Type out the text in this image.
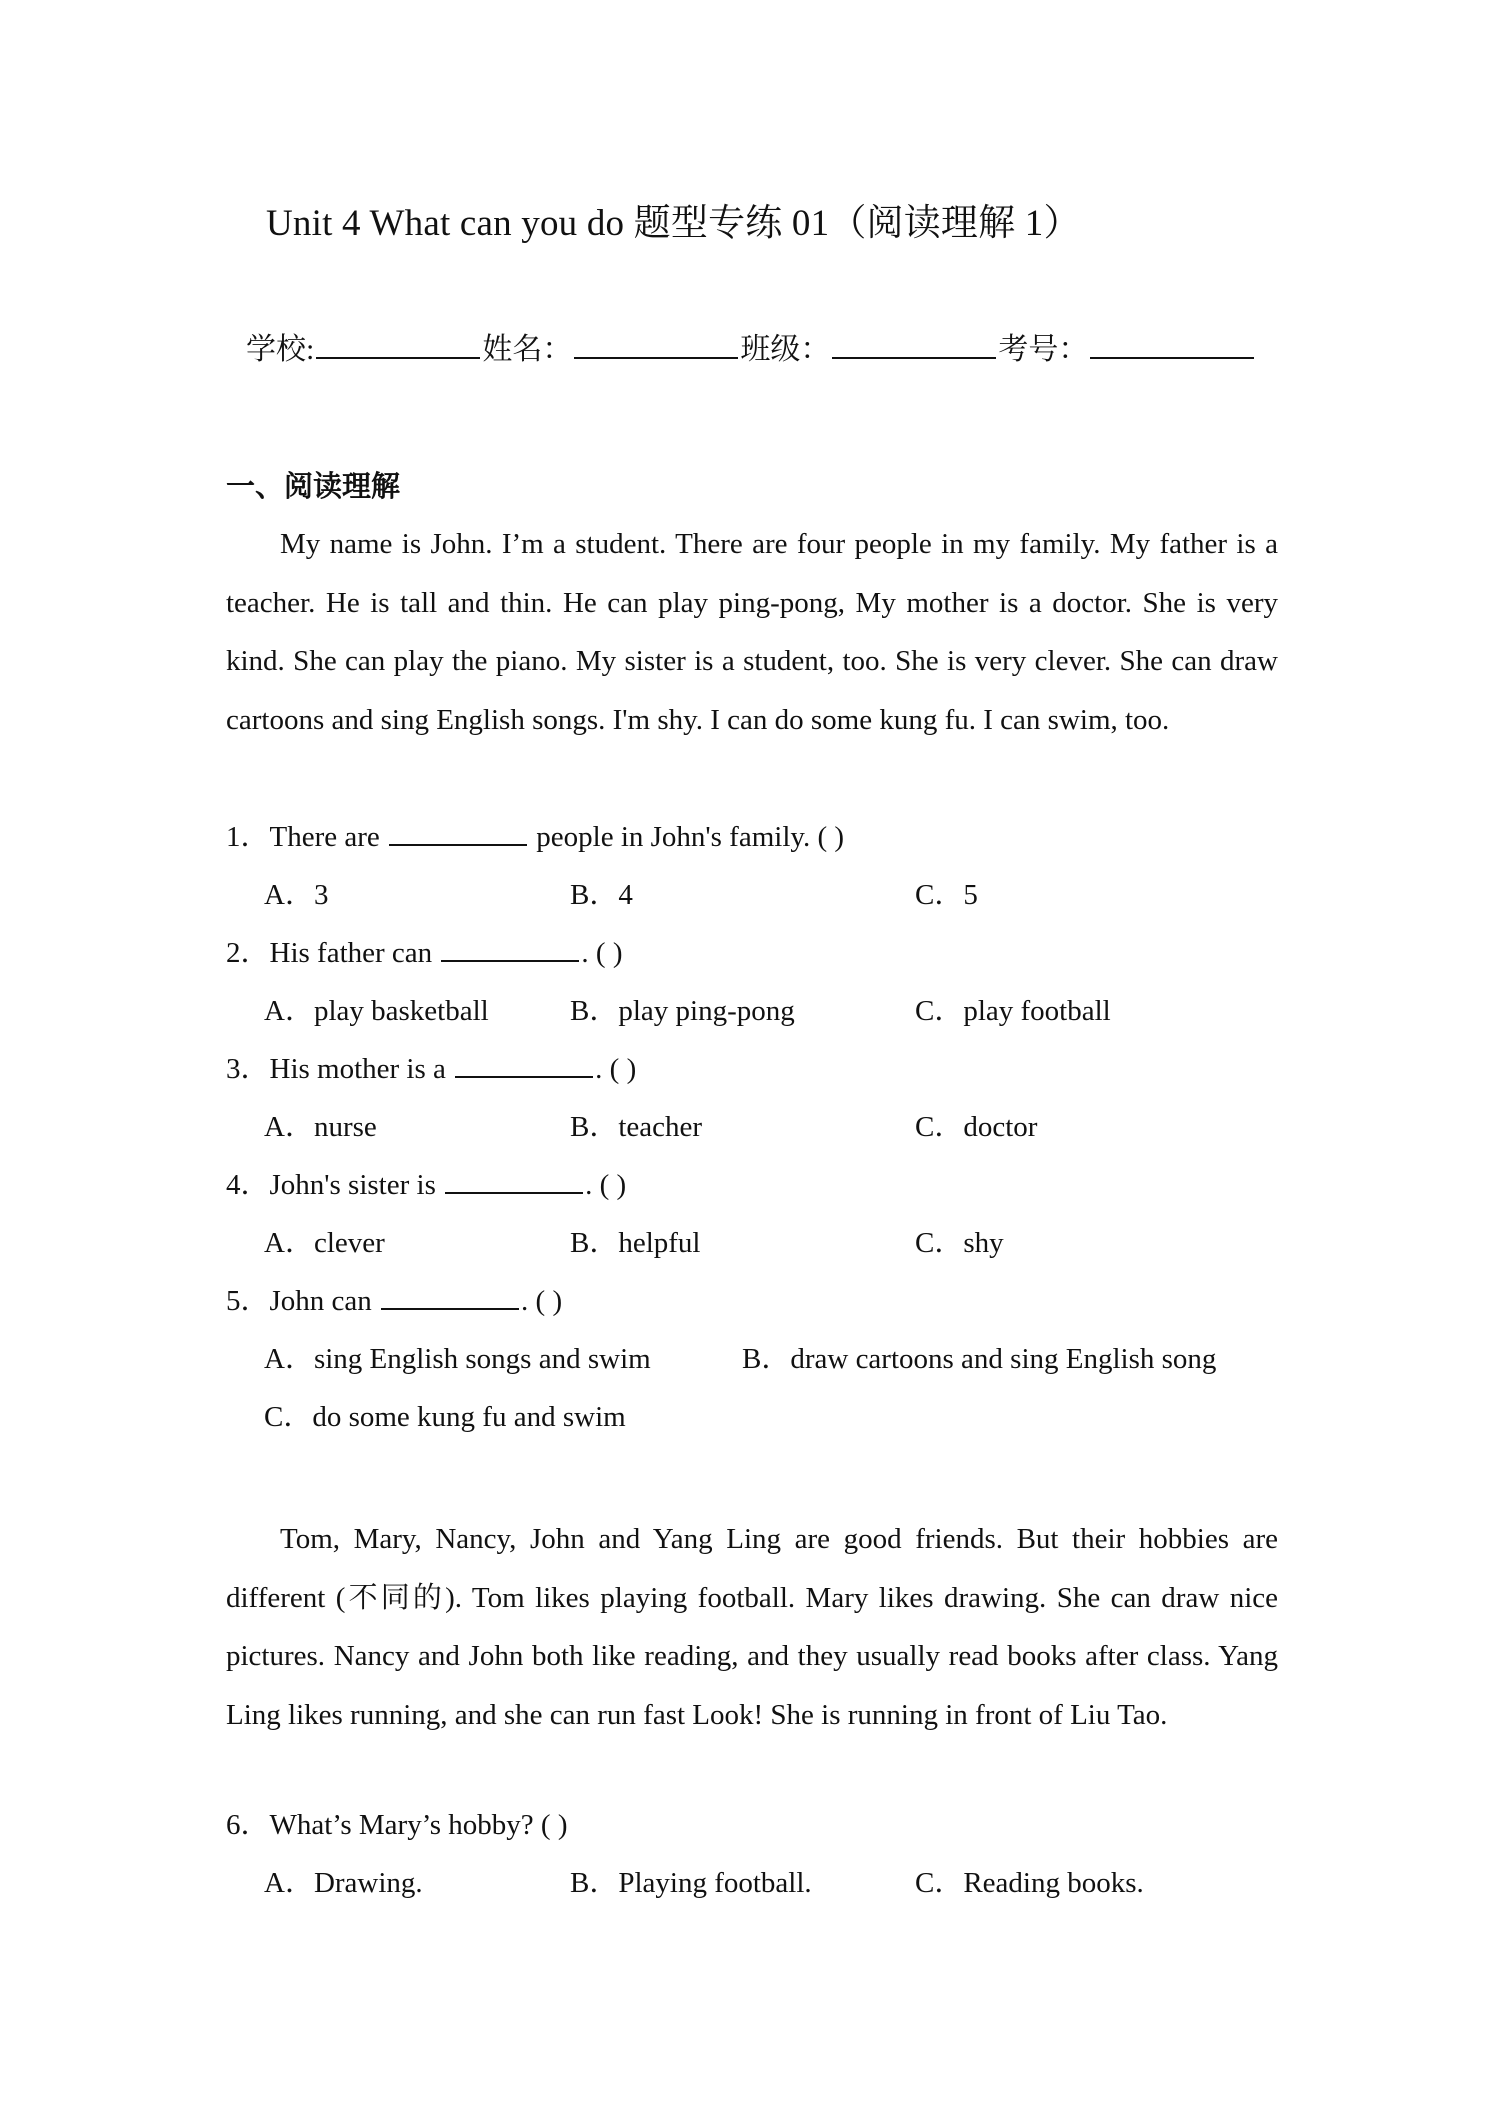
Unit 4 What can you do 题型专练 01（阅读理解 1）
学校:	姓名：	班级：	考号：
一、阅读理解

My name is John. I’m a student. There are four people in my family. My father is a teacher. He is tall and thin. He can play ping-pong, My mother is a doctor. She is very kind. She can play the piano. My sister is a student, too. She is very clever. She can draw cartoons and sing English songs. I'm shy. I can do some kung fu. I can swim, too.

1．There are	people in John's family. ( )
A．3	B．4	C．5
2．His father can	. ( )
A．play basketball	B．play ping-pong	C．play football
3．His mother is a	. ( )
A．nurse	B．teacher	C．doctor
4．John's sister is	. ( )
A．clever	B．helpful	C．shy
5．John can	. ( )
A．sing English songs and swim	B．draw cartoons and sing English song
C．do some kung fu and swim

Tom, Mary, Nancy, John and Yang Ling are good friends. But their hobbies are different (不同的). Tom likes playing football. Mary likes drawing. She can draw nice pictures. Nancy and John both like reading, and they usually read books after class. Yang Ling likes running, and she can run fast Look! She is running in front of Liu Tao.

6．What’s Mary’s hobby? ( )
A．Drawing.	B．Playing football.	C．Reading books.
